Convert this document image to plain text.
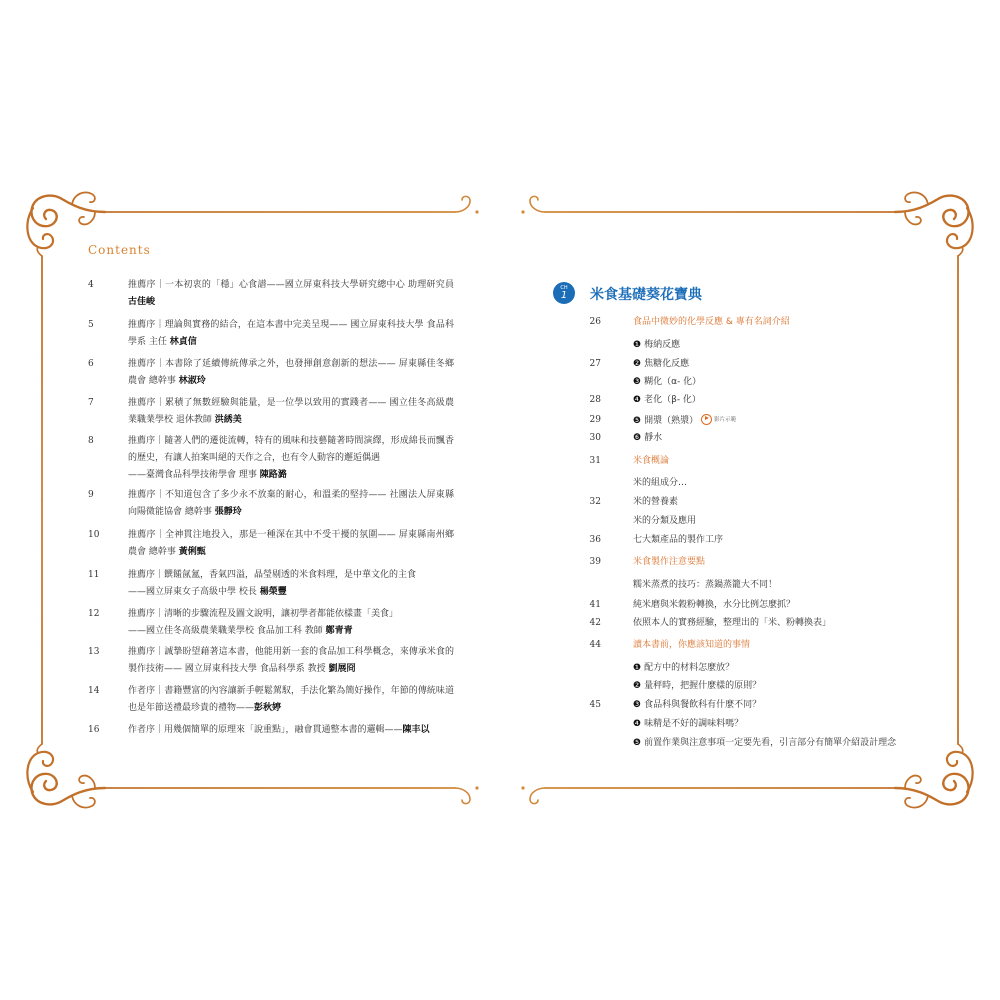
Contents
4	推薦序｜一本初衷的「穩」心食譜——國立屏東科技大學研究總中心 助理研究員 古佳峻
5	推薦序｜理論與實務的結合，在這本書中完美呈現—— 國立屏東科技大學 食品科學系 主任 林貞信
6	推薦序｜本書除了延續傳統傳承之外，也發揮創意創新的想法—— 屏東縣佳冬鄉農會 總幹事 林淑玲
7	推薦序｜累積了無數經驗與能量，是一位學以致用的實踐者—— 國立佳冬高級農業職業學校 退休教師 洪綉美
8	推薦序｜隨著人們的遷徙流轉，特有的風味和技藝隨著時間演繹，形成綿長而飄香的歷史，有讓人拍案叫絕的天作之合，也有令人動容的邂逅偶遇
——臺灣食品科學技術學會 理事 陳路潞
9	推薦序｜不知道包含了多少永不放棄的耐心，和溫柔的堅持—— 社團法人屏東縣向陽微能協會 總幹事 張靜玲
10	推薦序｜全神貫注地投入，那是一種深在其中不受干擾的氛圍—— 屏東縣南州鄉農會 總幹事 黃俐甄
11	推薦序｜饌饈氤氳，香氣四溢，晶瑩剔透的米食料理，是中華文化的主食
——國立屏東女子高級中學 校長 楊榮豐
12	推薦序｜清晰的步驟流程及圖文說明，讓初學者都能依樣畫「美食」
——國立佳冬高級農業職業學校 食品加工科 教師 鄭青青
13	推薦序｜誠摯盼望藉著這本書，他能用新一套的食品加工科學概念，來傳承米食的製作技術—— 國立屏東科技大學 食品科學系 教授 劉展冏
14	作者序｜書籍豐富的內容讓新手輕鬆駕馭，手法化繁為簡好操作，年節的傳統味道也是年節送禮最珍貴的禮物——彭秋婷
16	作者序｜用幾個簡單的原理來「說重點」，融會貫通整本書的邏輯——陳丰以
CH
1	米食基礎葵花寶典
26	食品中微妙的化學反應 & 專有名詞介紹
❶ 梅納反應
27	❷ 焦糖化反應
❸ 糊化（α- 化）
28	❹ 老化（β- 化）
29	❺ 開漿（熟漿）	影片示範
30	❻ 靜水
31	米食概論
米的組成分…
32	米的營養素
米的分類及應用
36	七大類產品的製作工序
39	米食製作注意要點
糯米蒸煮的技巧：蒸鍋蒸籠大不同！
41	純米磨與米穀粉轉換，水分比例怎麼抓？
42	依照本人的實務經驗，整理出的「米、粉轉換表」
44	讀本書前，你應該知道的事情
❶ 配方中的材料怎麼放？
❷ 量秤時，把握什麼樣的原則？
45	❸ 食品科與餐飲科有什麼不同？
❹ 味精是不好的調味料嗎？
❺ 前置作業與注意事項一定要先看，引言部分有簡單介紹設計理念
